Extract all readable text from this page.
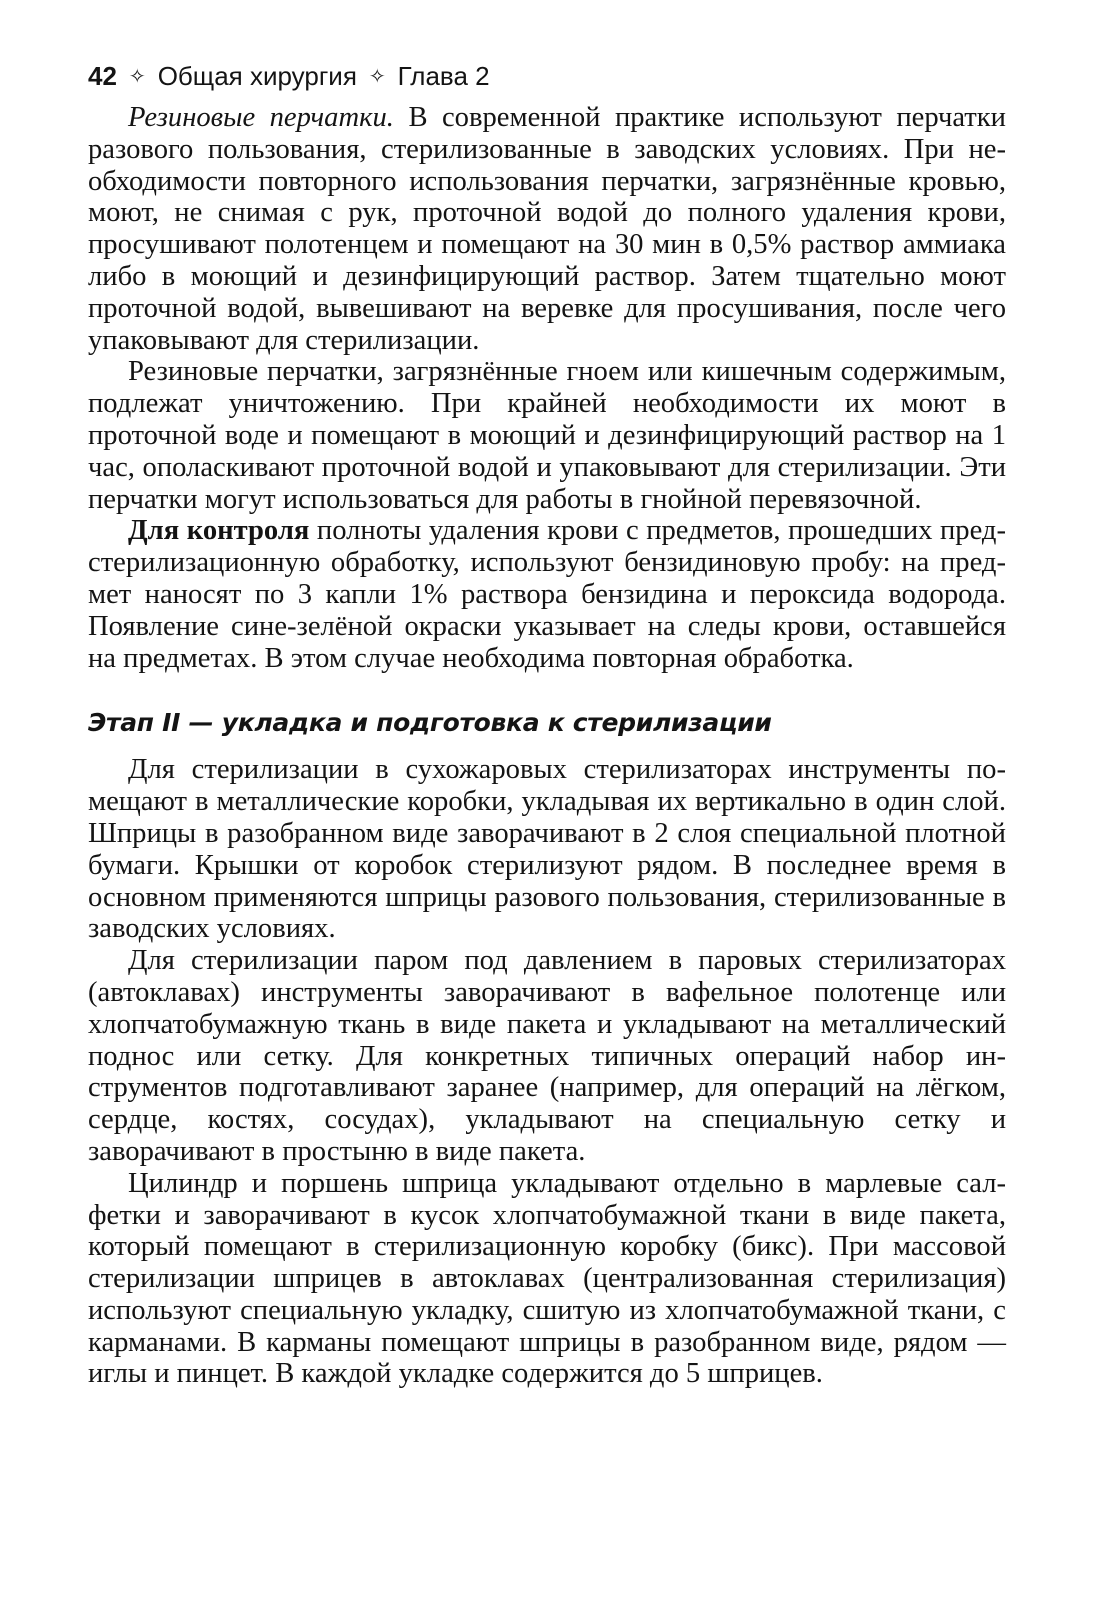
42 ✧ Общая хирургия ✧ Глава 2

Резиновые перчатки. В современной практике используют перчатки разового пользования, стерилизованные в заводских условиях. При необходимости повторного использования перчатки, загрязнённые кровью, моют, не снимая с рук, проточной водой до полного удаления крови, просушивают полотенцем и помещают на 30 мин в 0,5% раствор аммиака либо в моющий и дезинфицирующий раствор. Затем тщательно моют проточной водой, вывешивают на веревке для просушивания, после чего упаковывают для стерилизации.

Резиновые перчатки, загрязнённые гноем или кишечным содержимым, подлежат уничтожению. При крайней необходимости их моют в проточной воде и помещают в моющий и дезинфицирующий раствор на 1 час, ополаскивают проточной водой и упаковывают для стерилизации. Эти перчатки могут использоваться для работы в гнойной перевязочной.

Для контроля полноты удаления крови с предметов, прошедших предстерилизационную обработку, используют бензидиновую пробу: на предмет наносят по 3 капли 1% раствора бензидина и пероксида водорода. Появление сине-зелёной окраски указывает на следы крови, оставшейся на предметах. В этом случае необходима повторная обработка.

Этап II — укладка и подготовка к стерилизации

Для стерилизации в сухожаровых стерилизаторах инструменты помещают в металлические коробки, укладывая их вертикально в один слой. Шприцы в разобранном виде заворачивают в 2 слоя специальной плотной бумаги. Крышки от коробок стерилизуют рядом. В последнее время в основном применяются шприцы разового пользования, стерилизованные в заводских условиях.

Для стерилизации паром под давлением в паровых стерилизаторах (автоклавах) инструменты заворачивают в вафельное полотенце или хлопчатобумажную ткань в виде пакета и укладывают на металлический поднос или сетку. Для конкретных типичных операций набор инструментов подготавливают заранее (например, для операций на лёгком, сердце, костях, сосудах), укладывают на специальную сетку и заворачивают в простыню в виде пакета.

Цилиндр и поршень шприца укладывают отдельно в марлевые салфетки и заворачивают в кусок хлопчатобумажной ткани в виде пакета, который помещают в стерилизационную коробку (бикс). При массовой стерилизации шприцев в автоклавах (централизованная стерилизация) используют специальную укладку, сшитую из хлопчатобумажной ткани, с карманами. В карманы помещают шприцы в разобранном виде, рядом — иглы и пинцет. В каждой укладке содержится до 5 шприцев.
